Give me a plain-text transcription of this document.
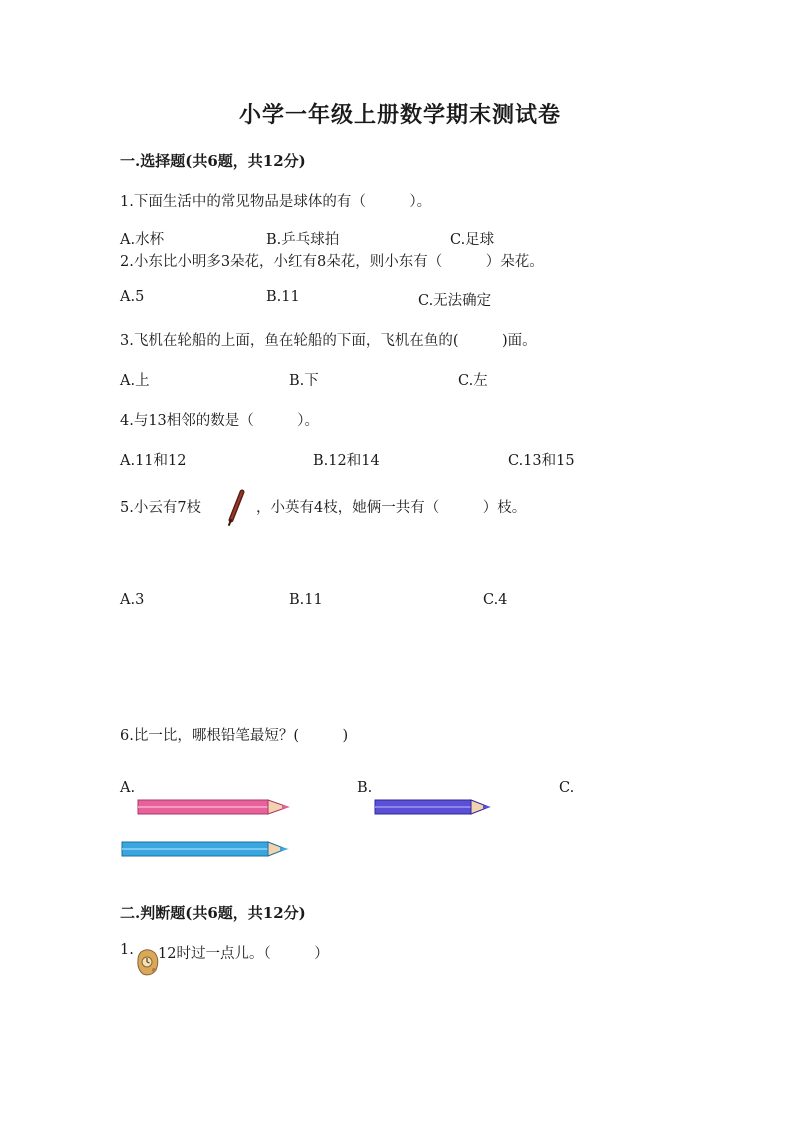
小学一年级上册数学期末测试卷
一.选择题(共6题，共12分)
1.下面生活中的常见物品是球体的有（　　　）。
A.水杯	B.乒乓球拍	C.足球
2.小东比小明多3朵花，小红有8朵花，则小东有（　　　）朵花。
A.5	B.11	C.无法确定
3.飞机在轮船的上面，鱼在轮船的下面，飞机在鱼的(　　　)面。
A.上	B.下	C.左
4.与13相邻的数是（　　　）。
A.11和12	B.12和14	C.13和15
5.小云有7枝	，小英有4枝，她俩一共有（　　　）枝。
A.3	B.11	C.4
6.比一比，哪根铅笔最短？(　　　)
A.	B.	C.
二.判断题(共6题，共12分)
1. 12时过一点儿。（　　　）
